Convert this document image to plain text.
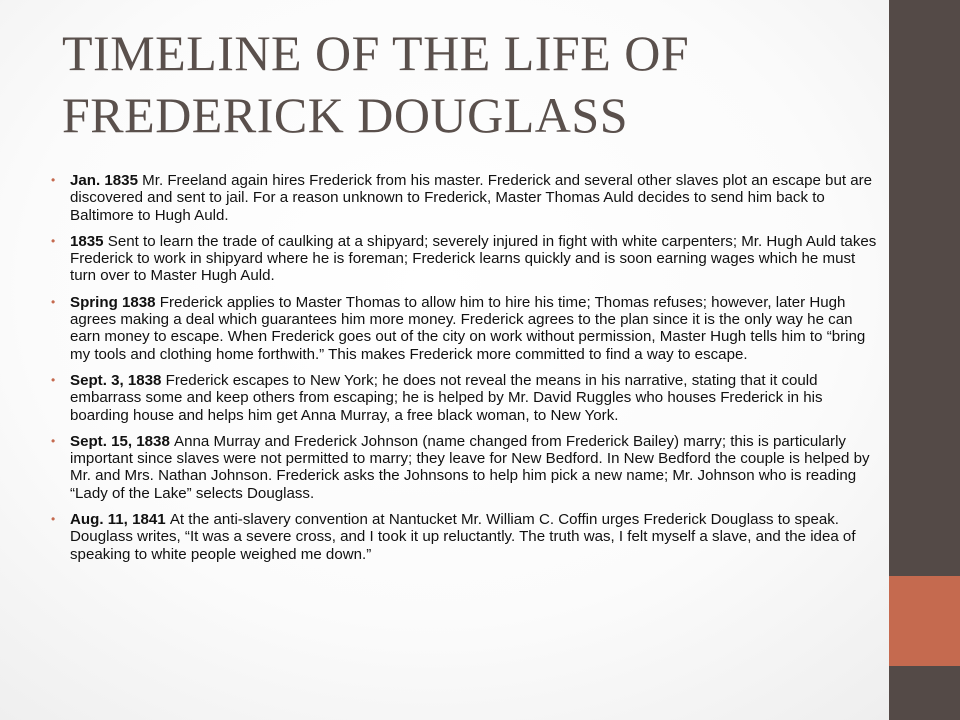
TIMELINE OF THE LIFE OF
FREDERICK DOUGLASS
• Jan. 1835 Mr. Freeland again hires Frederick from his master. Frederick and several other slaves plot an escape but are discovered and sent to jail. For a reason unknown to Frederick, Master Thomas Auld decides to send him back to Baltimore to Hugh Auld.
• 1835 Sent to learn the trade of caulking at a shipyard; severely injured in fight with white carpenters; Mr. Hugh Auld takes Frederick to work in shipyard where he is foreman; Frederick learns quickly and is soon earning wages which he must turn over to Master Hugh Auld.
• Spring 1838 Frederick applies to Master Thomas to allow him to hire his time; Thomas refuses; however, later Hugh agrees making a deal which guarantees him more money. Frederick agrees to the plan since it is the only way he can earn money to escape. When Frederick goes out of the city on work without permission, Master Hugh tells him to “bring my tools and clothing home forthwith.” This makes Frederick more committed to find a way to escape.
• Sept. 3, 1838 Frederick escapes to New York; he does not reveal the means in his narrative, stating that it could embarrass some and keep others from escaping; he is helped by Mr. David Ruggles who houses Frederick in his boarding house and helps him get Anna Murray, a free black woman, to New York.
• Sept. 15, 1838 Anna Murray and Frederick Johnson (name changed from Frederick Bailey) marry; this is particularly important since slaves were not permitted to marry; they leave for New Bedford. In New Bedford the couple is helped by Mr. and Mrs. Nathan Johnson. Frederick asks the Johnsons to help him pick a new name; Mr. Johnson who is reading “Lady of the Lake” selects Douglass.
• Aug. 11, 1841 At the anti-slavery convention at Nantucket Mr. William C. Coffin urges Frederick Douglass to speak. Douglass writes, “It was a severe cross, and I took it up reluctantly. The truth was, I felt myself a slave, and the idea of speaking to white people weighed me down.”
